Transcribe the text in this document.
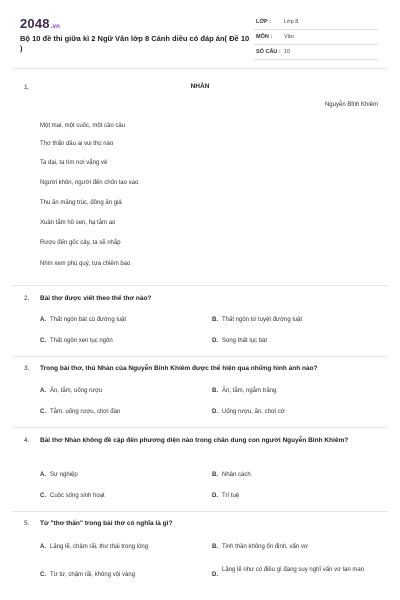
2048.vn
Bộ 10 đề thi giữa kì 2 Ngữ Văn lớp 8 Cánh diều có đáp án( Đề 10 )
LỚP : Lớp 8
MÔN : Văn
SỐ CÂU : 10
1.	NHÀN
Nguyễn Bỉnh Khiêm
Một mai, một cuốc, một cần câu
Thơ thẩn dầu ai vui thú nào
Ta dại, ta tìm nơi vắng vẻ
Người khôn, người đến chốn lao xao
Thu ăn măng trúc, đông ăn giá
Xuân tắm hồ sen, hạ tắm ao
Rượu đến gốc cây, ta sẽ nhắp
Nhìn xem phú quý, tựa chiêm bao
2. Bài thơ được viết theo thể thơ nào?
A. Thất ngôn bát cú đường luật	B. Thất ngôn tứ tuyệt đường luật
C. Thất ngôn xen lục ngôn	D. Song thất lục bát
3. Trong bài thơ, thú Nhàn của Nguyễn Bỉnh Khiêm được thể hiện qua những hình ảnh nào?
A. Ăn, tắm, uống rượu	B. Ăn, tắm, ngắm trăng
C. Tắm, uống rượu, chơi đàn	D. Uống rượu, ăn, chơi cờ
4. Bài thơ Nhàn không đề cập đến phương diện nào trong chân dung con người Nguyễn Bỉnh Khiêm?
A. Sự nghiệp	B. Nhân cách
C. Cuộc sống sinh hoạt	D. Trí tuệ
5. Từ "thơ thẩn" trong bài thơ có nghĩa là gì?
A. Lặng lẽ, chậm rãi, thư thái trong lòng	B. Tinh thần không ổn định, vẩn vơ
C. Từ từ, chậm rãi, không vội vàng	D.
Lặng lẽ như có điều gì đang suy nghĩ vấn vơ lan man
